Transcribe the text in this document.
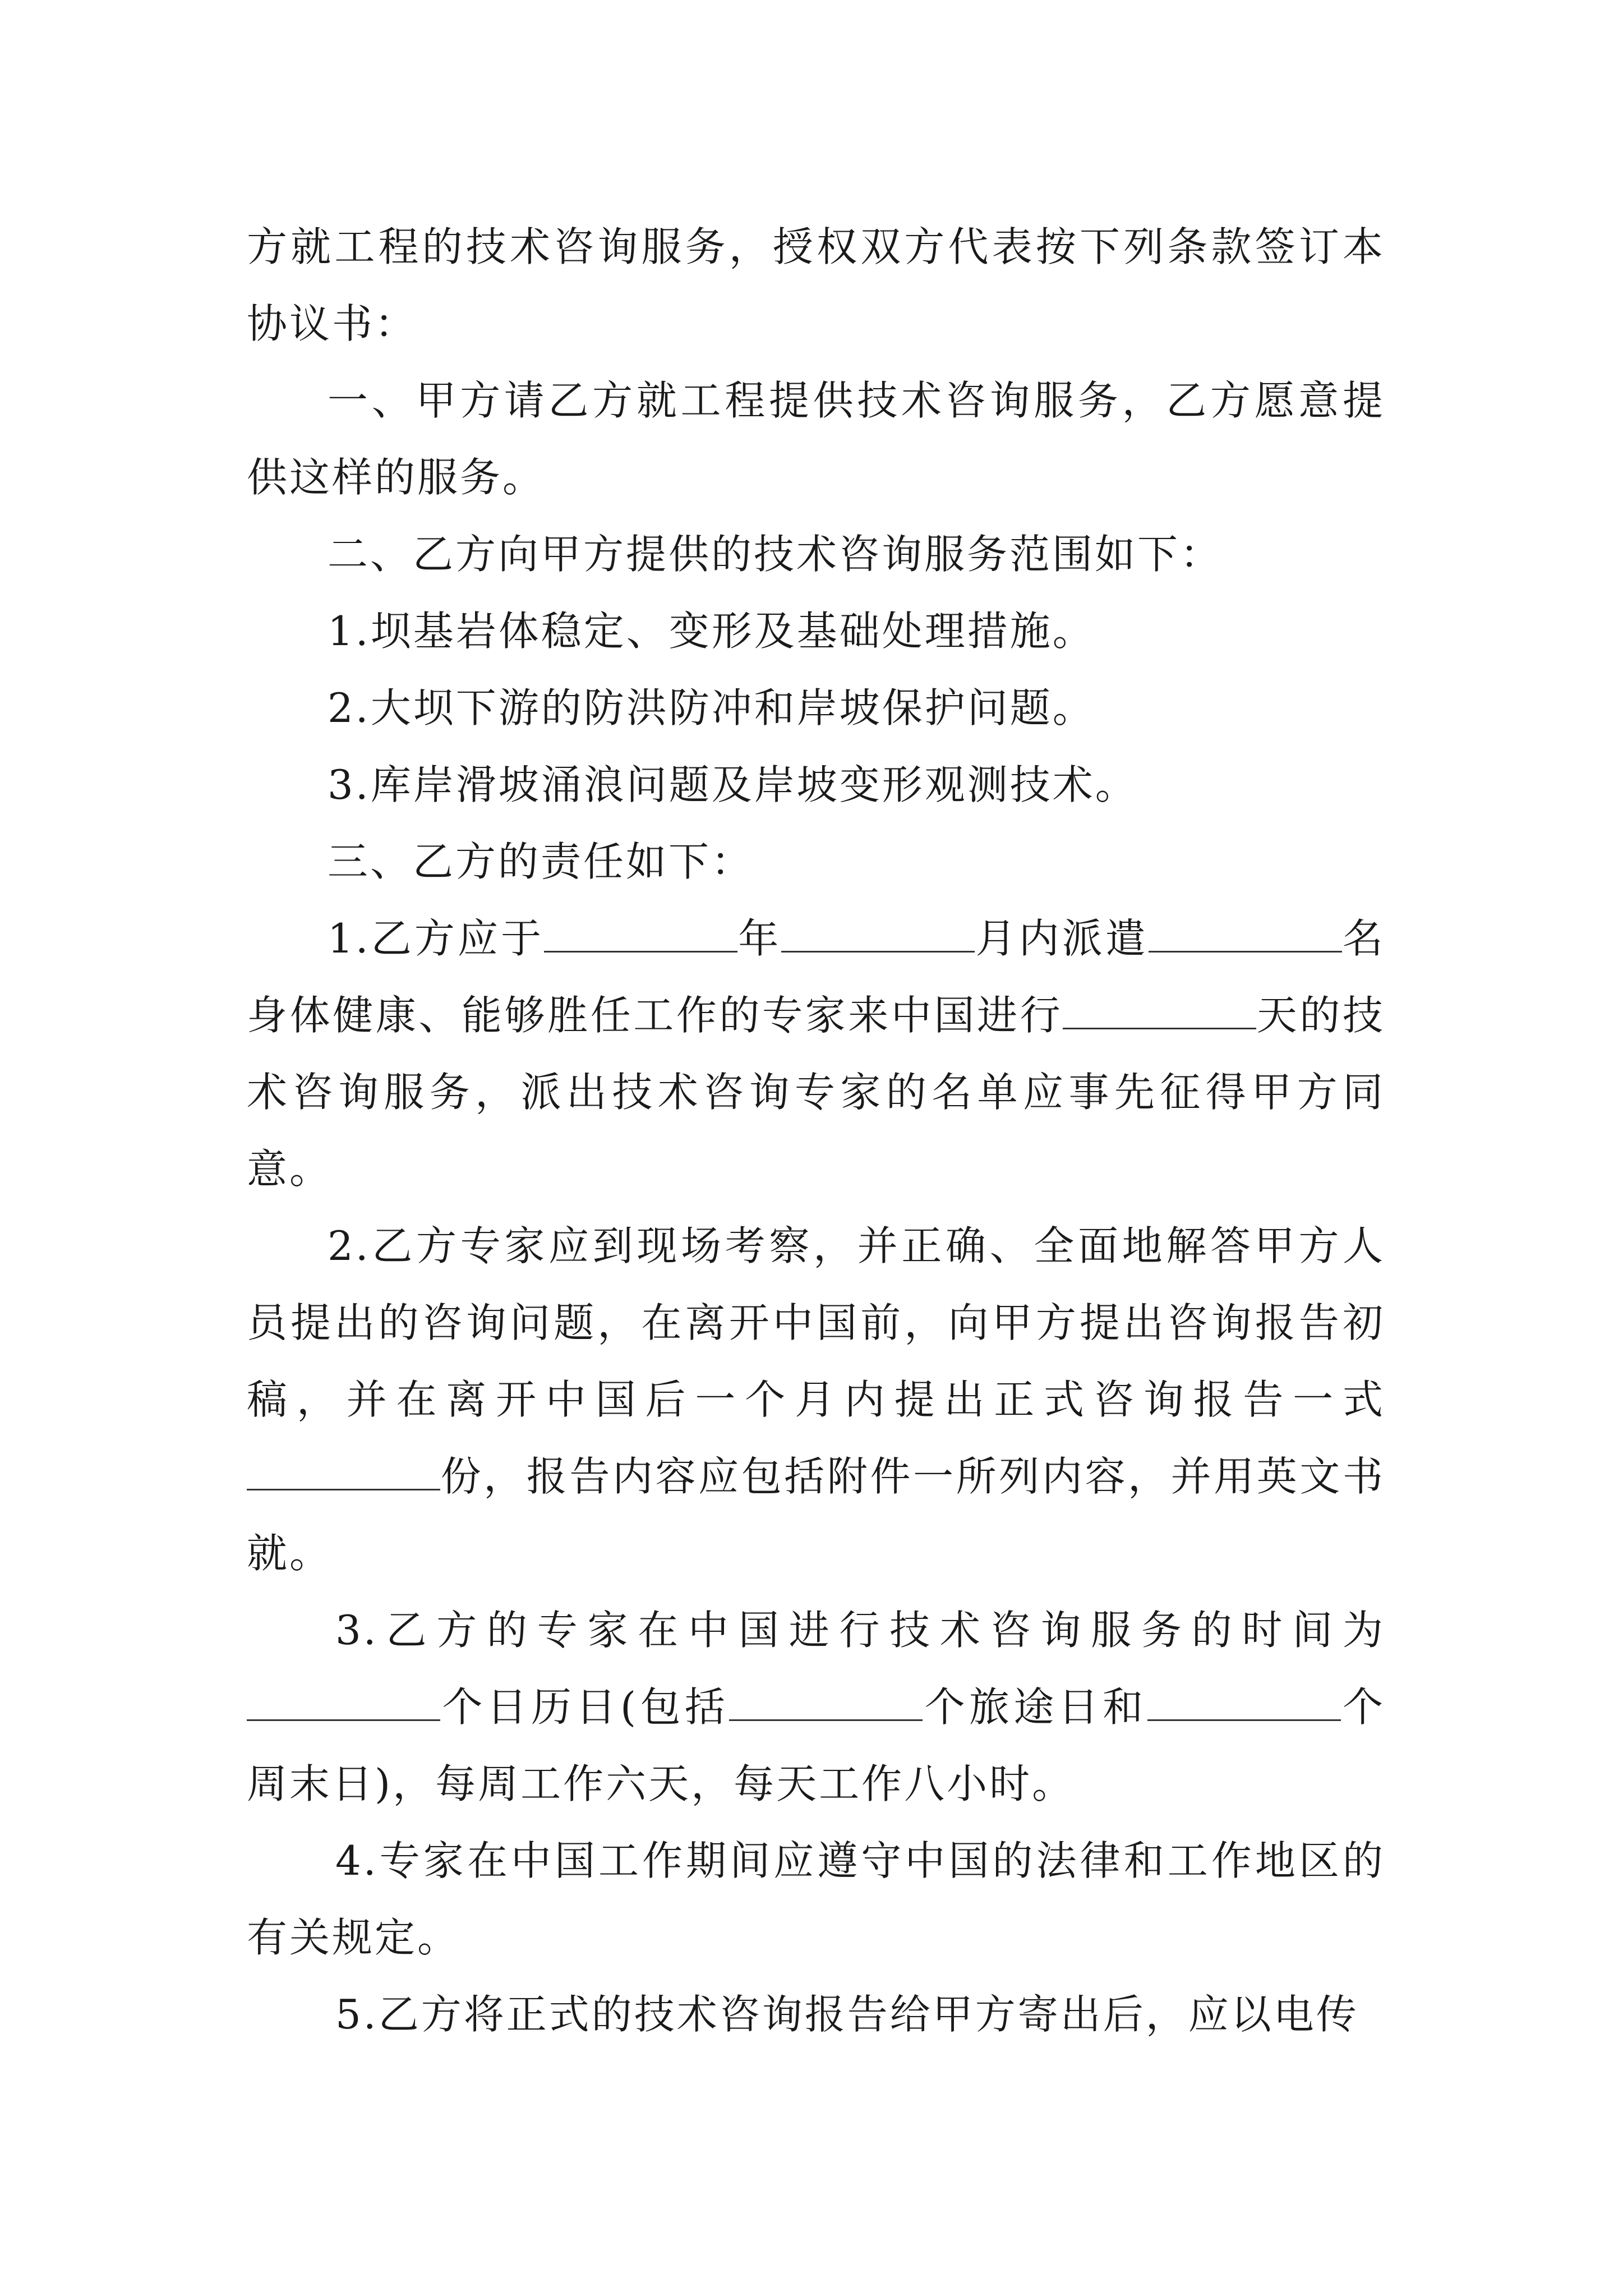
方就工程的技术咨询服务，授权双方代表按下列条款签订本协议书：

一、甲方请乙方就工程提供技术咨询服务，乙方愿意提供这样的服务。

二、乙方向甲方提供的技术咨询服务范围如下：

1.坝基岩体稳定、变形及基础处理措施。

2.大坝下游的防洪防冲和岸坡保护问题。

3.库岸滑坡涌浪问题及岸坡变形观测技术。

三、乙方的责任如下：

1.乙方应于	年	月内派遣	名身体健康、能够胜任工作的专家来中国进行	天的技术咨询服务，派出技术咨询专家的名单应事先征得甲方同意。

2.乙方专家应到现场考察，并正确、全面地解答甲方人员提出的咨询问题，在离开中国前，向甲方提出咨询报告初稿，并在离开中国后一个月内提出正式咨询报告一式份，报告内容应包括附件一所列内容，并用英文书就。

3.乙方的专家在中国进行技术咨询服务的时间为个日历日(包括	个旅途日和	个周末日)，每周工作六天，每天工作八小时。

4.专家在中国工作期间应遵守中国的法律和工作地区的有关规定。

5.乙方将正式的技术咨询报告给甲方寄出后，应以电传
